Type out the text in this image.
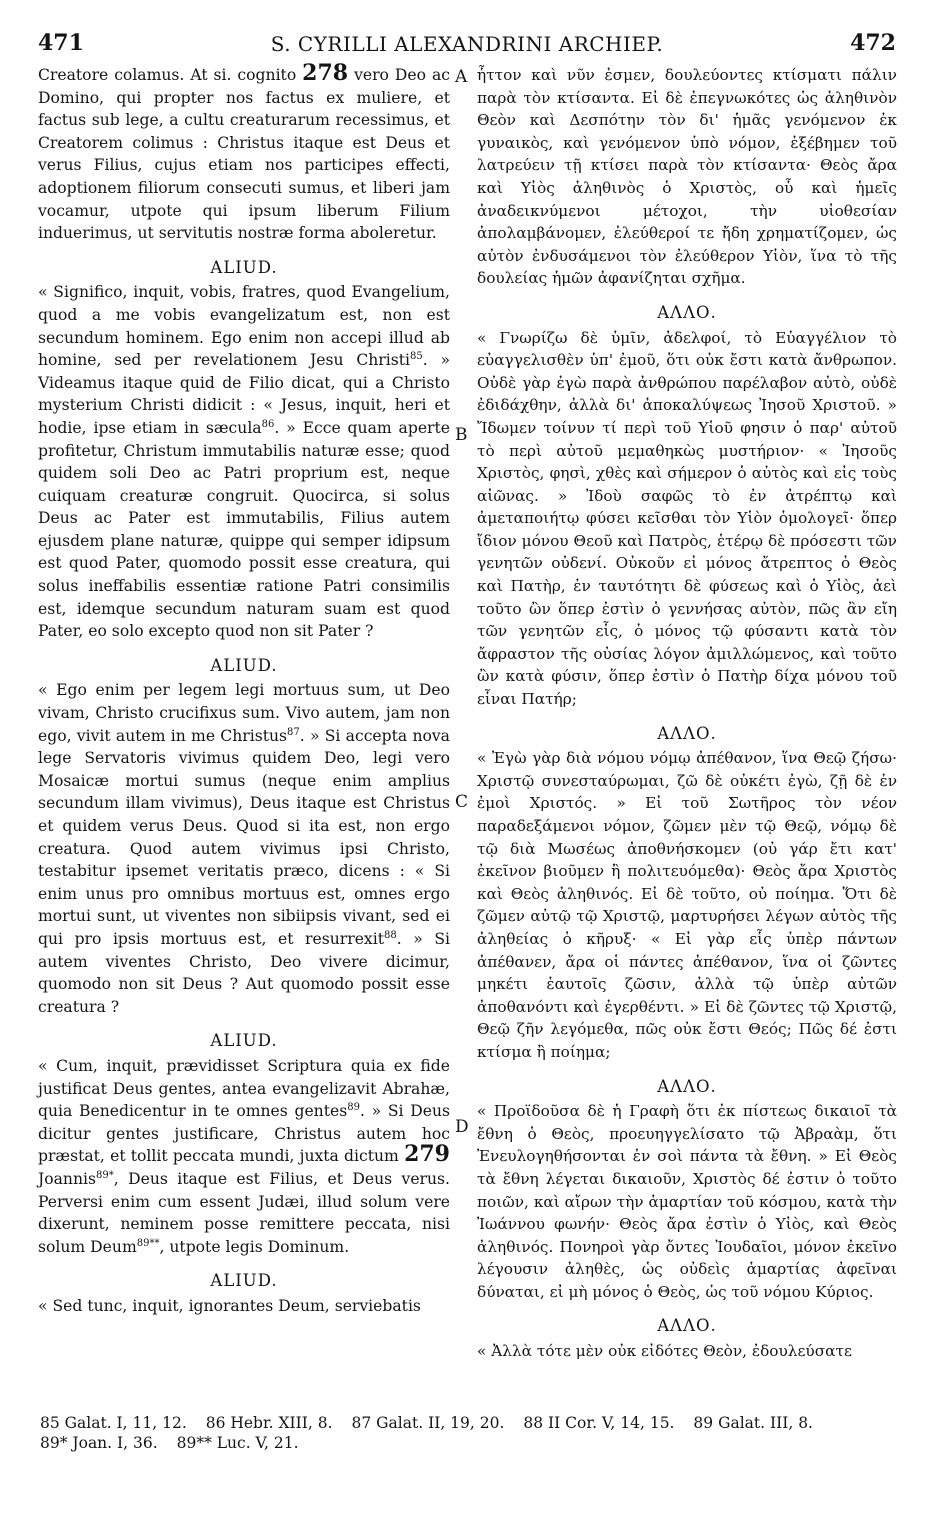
471	S. CYRILLI ALEXANDRINI ARCHIEP.	472
A
B
C
D

Creatore colamus. At si. cognito 278 vero Deo ac Domino, qui propter nos factus ex muliere, et factus sub lege, a cultu creaturarum recessimus, et Creatorem colimus : Christus itaque est Deus et verus Filius, cujus etiam nos participes effecti, adoptionem filiorum consecuti sumus, et liberi jam vocamur, utpote qui ipsum liberum Filium induerimus, ut servitutis nostræ forma aboleretur.

ALIUD.

« Significo, inquit, vobis, fratres, quod Evangelium, quod a me vobis evangelizatum est, non est secundum hominem. Ego enim non accepi illud ab homine, sed per revelationem Jesu Christi$^{85}$. » Videamus itaque quid de Filio dicat, qui a Christo mysterium Christi didicit : « Jesus, inquit, heri et hodie, ipse etiam in sæcula$^{86}$. » Ecce quam aperte profitetur, Christum immutabilis naturæ esse; quod quidem soli Deo ac Patri proprium est, neque cuiquam creaturæ congruit. Quocirca, si solus Deus ac Pater est immutabilis, Filius autem ejusdem plane naturæ, quippe qui semper idipsum est quod Pater, quomodo possit esse creatura, qui solus ineffabilis essentiæ ratione Patri consimilis est, idemque secundum naturam suam est quod Pater, eo solo excepto quod non sit Pater ?

ALIUD.

« Ego enim per legem legi mortuus sum, ut Deo vivam, Christo crucifixus sum. Vivo autem, jam non ego, vivit autem in me Christus$^{87}$. » Si accepta nova lege Servatoris vivimus quidem Deo, legi vero Mosaicæ mortui sumus (neque enim amplius secundum illam vivimus), Deus itaque est Christus et quidem verus Deus. Quod si ita est, non ergo creatura. Quod autem vivimus ipsi Christo, testabitur ipsemet veritatis præco, dicens : « Si enim unus pro omnibus mortuus est, omnes ergo mortui sunt, ut viventes non sibiipsis vivant, sed ei qui pro ipsis mortuus est, et resurrexit$^{88}$. » Si autem viventes Christo, Deo vivere dicimur, quomodo non sit Deus ? Aut quomodo possit esse creatura ?

ALIUD.

« Cum, inquit, prævidisset Scriptura quia ex fide justificat Deus gentes, antea evangelizavit Abrahæ, quia Benedicentur in te omnes gentes$^{89}$. » Si Deus dicitur gentes justificare, Christus autem hoc præstat, et tollit peccata mundi, juxta dictum 279 Joannis$^{89*}$, Deus itaque est Filius, et Deus verus. Perversi enim cum essent Judæi, illud solum vere dixerunt, neminem posse remittere peccata, nisi solum Deum$^{89**}$, utpote legis Dominum.

ALIUD.

« Sed tunc, inquit, ignorantes Deum, serviebatis

ἧττον καὶ νῦν ἐσμεν, δουλεύοντες κτίσματι πάλιν παρὰ τὸν κτίσαντα. Εἰ δὲ ἐπεγνωκότες ὡς ἀληθινὸν Θεὸν καὶ Δεσπότην τὸν δι' ἡμᾶς γενόμενον ἐκ γυναικὸς, καὶ γενόμενον ὑπὸ νόμον, ἐξέβημεν τοῦ λατρεύειν τῇ κτίσει παρὰ τὸν κτίσαντα· Θεὸς ἄρα καὶ Υἱὸς ἀληθινὸς ὁ Χριστὸς, οὗ καὶ ἡμεῖς ἀναδεικνύμενοι μέτοχοι, τὴν υἱοθεσίαν ἀπολαμβάνομεν, ἐλεύθεροί τε ἤδη χρηματίζομεν, ὡς αὐτὸν ἐνδυσάμενοι τὸν ἐλεύθερον Υἱὸν, ἵνα τὸ τῆς δουλείας ἡμῶν ἀφανίζηται σχῆμα.

ΑΛΛΟ.

« Γνωρίζω δὲ ὑμῖν, ἀδελφοί, τὸ Εὐαγγέλιον τὸ εὐαγγελισθὲν ὑπ' ἐμοῦ, ὅτι οὐκ ἔστι κατὰ ἄνθρωπον. Οὐδὲ γὰρ ἐγὼ παρὰ ἀνθρώπου παρέλαβον αὐτὸ, οὐδὲ ἐδιδάχθην, ἀλλὰ δι' ἀποκαλύψεως Ἰησοῦ Χριστοῦ. » Ἴδωμεν τοίνυν τί περὶ τοῦ Υἱοῦ φησιν ὁ παρ' αὐτοῦ τὸ περὶ αὐτοῦ μεμαθηκὼς μυστήριον· « Ἰησοῦς Χριστὸς, φησὶ, χθὲς καὶ σήμερον ὁ αὐτὸς καὶ εἰς τοὺς αἰῶνας. » Ἰδοὺ σαφῶς τὸ ἐν ἀτρέπτῳ καὶ ἀμεταποιήτῳ φύσει κεῖσθαι τὸν Υἱὸν ὁμολογεῖ· ὅπερ ἴδιον μόνου Θεοῦ καὶ Πατρὸς, ἑτέρῳ δὲ πρόσεστι τῶν γενητῶν οὐδενί. Οὐκοῦν εἰ μόνος ἄτρεπτος ὁ Θεὸς καὶ Πατὴρ, ἐν ταυτότητι δὲ φύσεως καὶ ὁ Υἱὸς, ἀεὶ τοῦτο ὢν ὅπερ ἐστὶν ὁ γεννήσας αὐτὸν, πῶς ἂν εἴη τῶν γενητῶν εἷς, ὁ μόνος τῷ φύσαντι κατὰ τὸν ἄφραστον τῆς οὐσίας λόγον ἀμιλλώμενος, καὶ τοῦτο ὢν κατὰ φύσιν, ὅπερ ἐστὶν ὁ Πατὴρ δίχα μόνου τοῦ εἶναι Πατήρ;

ΑΛΛΟ.

« Ἐγὼ γὰρ διὰ νόμου νόμῳ ἀπέθανον, ἵνα Θεῷ ζήσω· Χριστῷ συνεσταύρωμαι, ζῶ δὲ οὐκέτι ἐγὼ, ζῇ δὲ ἐν ἐμοὶ Χριστός. » Εἰ τοῦ Σωτῆρος τὸν νέον παραδεξάμενοι νόμον, ζῶμεν μὲν τῷ Θεῷ, νόμῳ δὲ τῷ διὰ Μωσέως ἀποθνήσκομεν (οὐ γάρ ἔτι κατ' ἐκεῖνον βιοῦμεν ἢ πολιτευόμεθα)· Θεὸς ἄρα Χριστὸς καὶ Θεὸς ἀληθινός. Εἰ δὲ τοῦτο, οὐ ποίημα. Ὅτι δὲ ζῶμεν αὐτῷ τῷ Χριστῷ, μαρτυρήσει λέγων αὐτὸς τῆς ἀληθείας ὁ κῆρυξ· « Εἰ γὰρ εἷς ὑπὲρ πάντων ἀπέθανεν, ἄρα οἱ πάντες ἀπέθανον, ἵνα οἱ ζῶντες μηκέτι ἑαυτοῖς ζῶσιν, ἀλλὰ τῷ ὑπὲρ αὐτῶν ἀποθανόντι καὶ ἐγερθέντι. » Εἰ δὲ ζῶντες τῷ Χριστῷ, Θεῷ ζῆν λεγόμεθα, πῶς οὐκ ἔστι Θεός; Πῶς δέ ἐστι κτίσμα ἢ ποίημα;

ΑΛΛΟ.

« Προϊδοῦσα δὲ ἡ Γραφὴ ὅτι ἐκ πίστεως δικαιοῖ τὰ ἔθνη ὁ Θεὸς, προευηγγελίσατο τῷ Ἀβραὰμ, ὅτι Ἐνευλογηθήσονται ἐν σοὶ πάντα τὰ ἔθνη. » Εἰ Θεὸς τὰ ἔθνη λέγεται δικαιοῦν, Χριστὸς δέ ἐστιν ὁ τοῦτο ποιῶν, καὶ αἴρων τὴν ἁμαρτίαν τοῦ κόσμου, κατὰ τὴν Ἰωάννου φωνήν· Θεὸς ἄρα ἐστὶν ὁ Υἱὸς, καὶ Θεὸς ἀληθινός. Πονηροὶ γὰρ ὄντες Ἰουδαῖοι, μόνον ἐκεῖνο λέγουσιν ἀληθὲς, ὡς οὐδεὶς ἁμαρτίας ἀφεῖναι δύναται, εἰ μὴ μόνος ὁ Θεὸς, ὡς τοῦ νόμου Κύριος.

ΑΛΛΟ.

« Ἀλλὰ τότε μὲν οὐκ εἰδότες Θεὸν, ἐδουλεύσατε

85 Galat. I, 11, 12. 86 Hebr. XIII, 8. 87 Galat. II, 19, 20. 88 II Cor. V, 14, 15. 89 Galat. III, 8.
89* Joan. I, 36. 89** Luc. V, 21.
